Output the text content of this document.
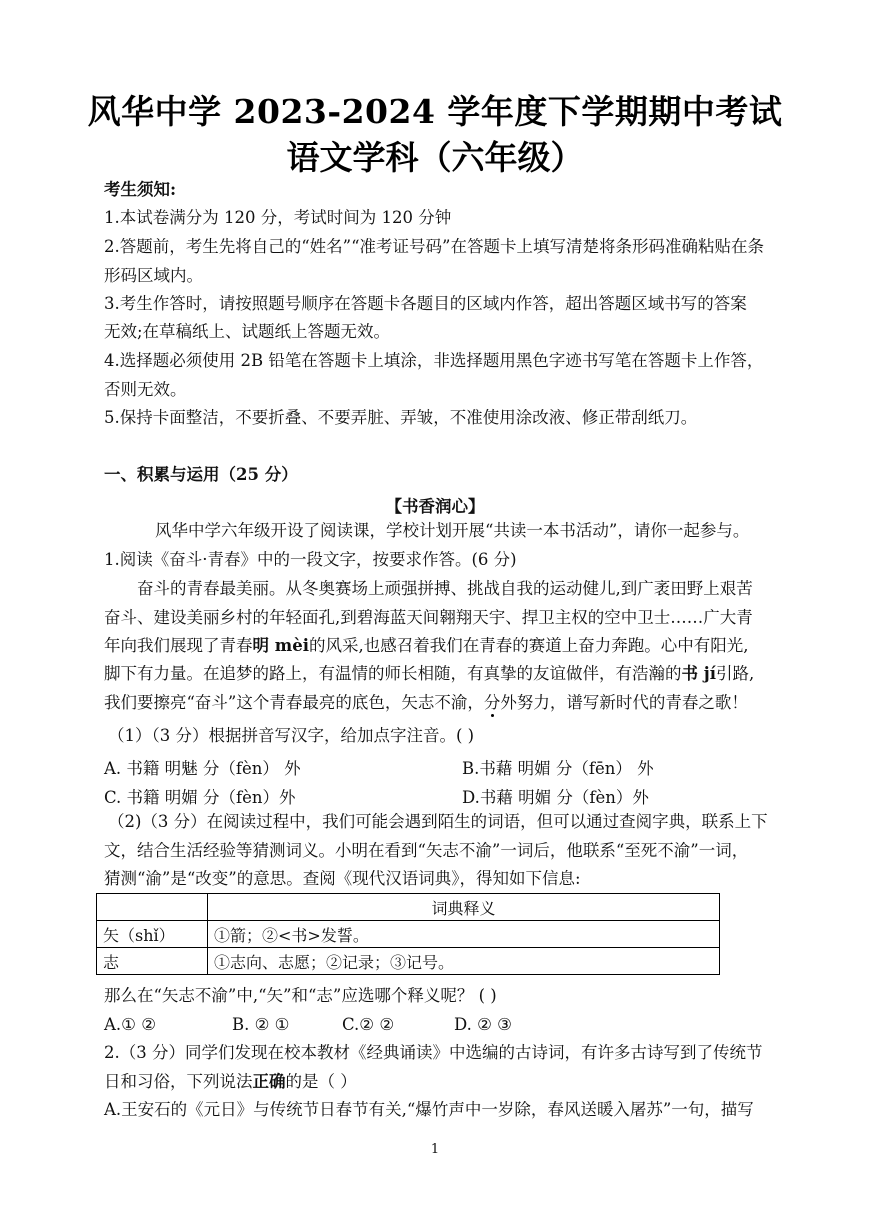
风华中学 2023-2024 学年度下学期期中考试
语文学科（六年级）
考生须知:
1.本试卷满分为 120 分，考试时间为 120 分钟
2.答题前，考生先将自己的“姓名”“准考证号码”在答题卡上填写清楚将条形码准确粘贴在条
形码区域内。
3.考生作答时，请按照题号顺序在答题卡各题目的区域内作答，超出答题区域书写的答案
无效;在草稿纸上、试题纸上答题无效。
4.选择题必须使用 2B 铅笔在答题卡上填涂，非选择题用黑色字迹书写笔在答题卡上作答，
否则无效。
5.保持卡面整洁，不要折叠、不要弄脏、弄皱，不准使用涂改液、修正带刮纸刀。
一、积累与运用（25 分）
【书香润心】
风华中学六年级开设了阅读课，学校计划开展“共读一本书活动”，请你一起参与。
1.阅读《奋斗·青春》中的一段文字，按要求作答。(6 分)
奋斗的青春最美丽。从冬奥赛场上顽强拼搏、挑战自我的运动健儿,到广袤田野上艰苦
奋斗、建设美丽乡村的年轻面孔,到碧海蓝天间翱翔天宇、捍卫主权的空中卫士……广大青
年向我们展现了青春明 mèi的风采,也感召着我们在青春的赛道上奋力奔跑。心中有阳光,
脚下有力量。在追梦的路上，有温情的师长相随，有真挚的友谊做伴，有浩瀚的书 jí引路,
我们要擦亮“奋斗”这个青春最亮的底色，矢志不渝，分
外努力，谱写新时代的青春之歌！
（1）（3 分）根据拼音写汉字，给加点字注音。( )
A. 书籍 明魅 分（fèn） 外	B.书藉 明媚 分（fēn） 外
C. 书籍 明媚 分（fèn）外	D.书藉 明媚 分（fèn）外
（2)（3 分）在阅读过程中，我们可能会遇到陌生的词语，但可以通过查阅字典，联系上下
文，结合生活经验等猜测词义。小明在看到“矢志不渝”一词后，他联系“至死不渝”一词，
猜测“渝”是“改变”的意思。查阅《现代汉语词典》，得知如下信息:
	词典释义
矢（shǐ）	①箭；②<书>发誓。
志	①志向、志愿；②记录；③记号。
那么在“矢志不渝”中,“矢”和“志”应选哪个释义呢？ ( )
A.① ②	B. ② ①	C.② ②	D. ② ③
2.（3 分）同学们发现在校本教材《经典诵读》中选编的古诗词，有许多古诗写到了传统节
日和习俗，下列说法正确的是（ ）
A.王安石的《元日》与传统节日春节有关,“爆竹声中一岁除，春风送暖入屠苏”一句，描写
1
